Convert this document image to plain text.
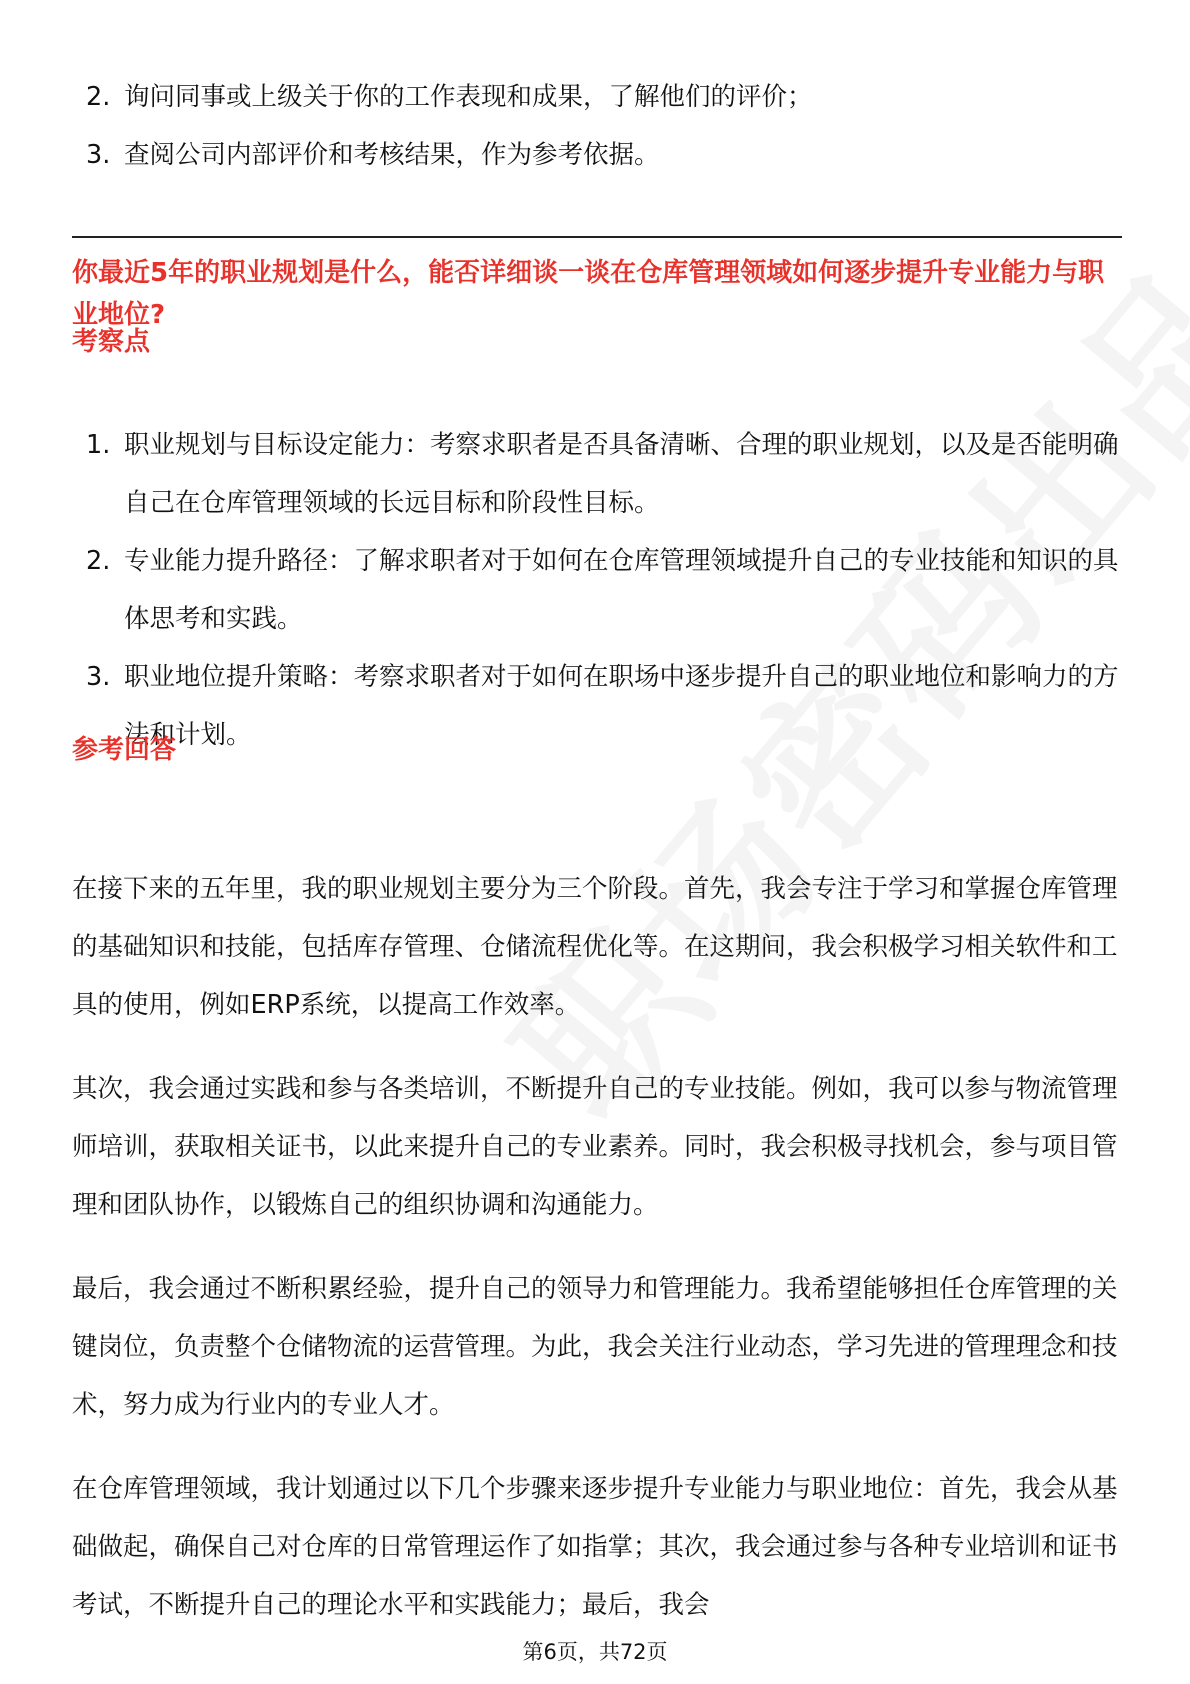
2. 询问同事或上级关于你的工作表现和成果，了解他们的评价；
3. 查阅公司内部评价和考核结果，作为参考依据。
你最近5年的职业规划是什么，能否详细谈一谈在仓库管理领域如何逐步提升专业能力与职业地位?
考察点
1. 职业规划与目标设定能力：考察求职者是否具备清晰、合理的职业规划，以及是否能明确自己在仓库管理领域的长远目标和阶段性目标。
2. 专业能力提升路径：了解求职者对于如何在仓库管理领域提升自己的专业技能和知识的具体思考和实践。
3. 职业地位提升策略：考察求职者对于如何在职场中逐步提升自己的职业地位和影响力的方法和计划。
参考回答

在接下来的五年里，我的职业规划主要分为三个阶段。首先，我会专注于学习和掌握仓库管理的基础知识和技能，包括库存管理、仓储流程优化等。在这期间，我会积极学习相关软件和工具的使用，例如ERP系统，以提高工作效率。

其次，我会通过实践和参与各类培训，不断提升自己的专业技能。例如，我可以参与物流管理师培训，获取相关证书，以此来提升自己的专业素养。同时，我会积极寻找机会，参与项目管理和团队协作，以锻炼自己的组织协调和沟通能力。

最后，我会通过不断积累经验，提升自己的领导力和管理能力。我希望能够担任仓库管理的关键岗位，负责整个仓储物流的运营管理。为此，我会关注行业动态，学习先进的管理理念和技术，努力成为行业内的专业人才。

在仓库管理领域，我计划通过以下几个步骤来逐步提升专业能力与职业地位：首先，我会从基础做起，确保自己对仓库的日常管理运作了如指掌；其次，我会通过参与各种专业培训和证书考试，不断提升自己的理论水平和实践能力；最后，我会

第6页，共72页
